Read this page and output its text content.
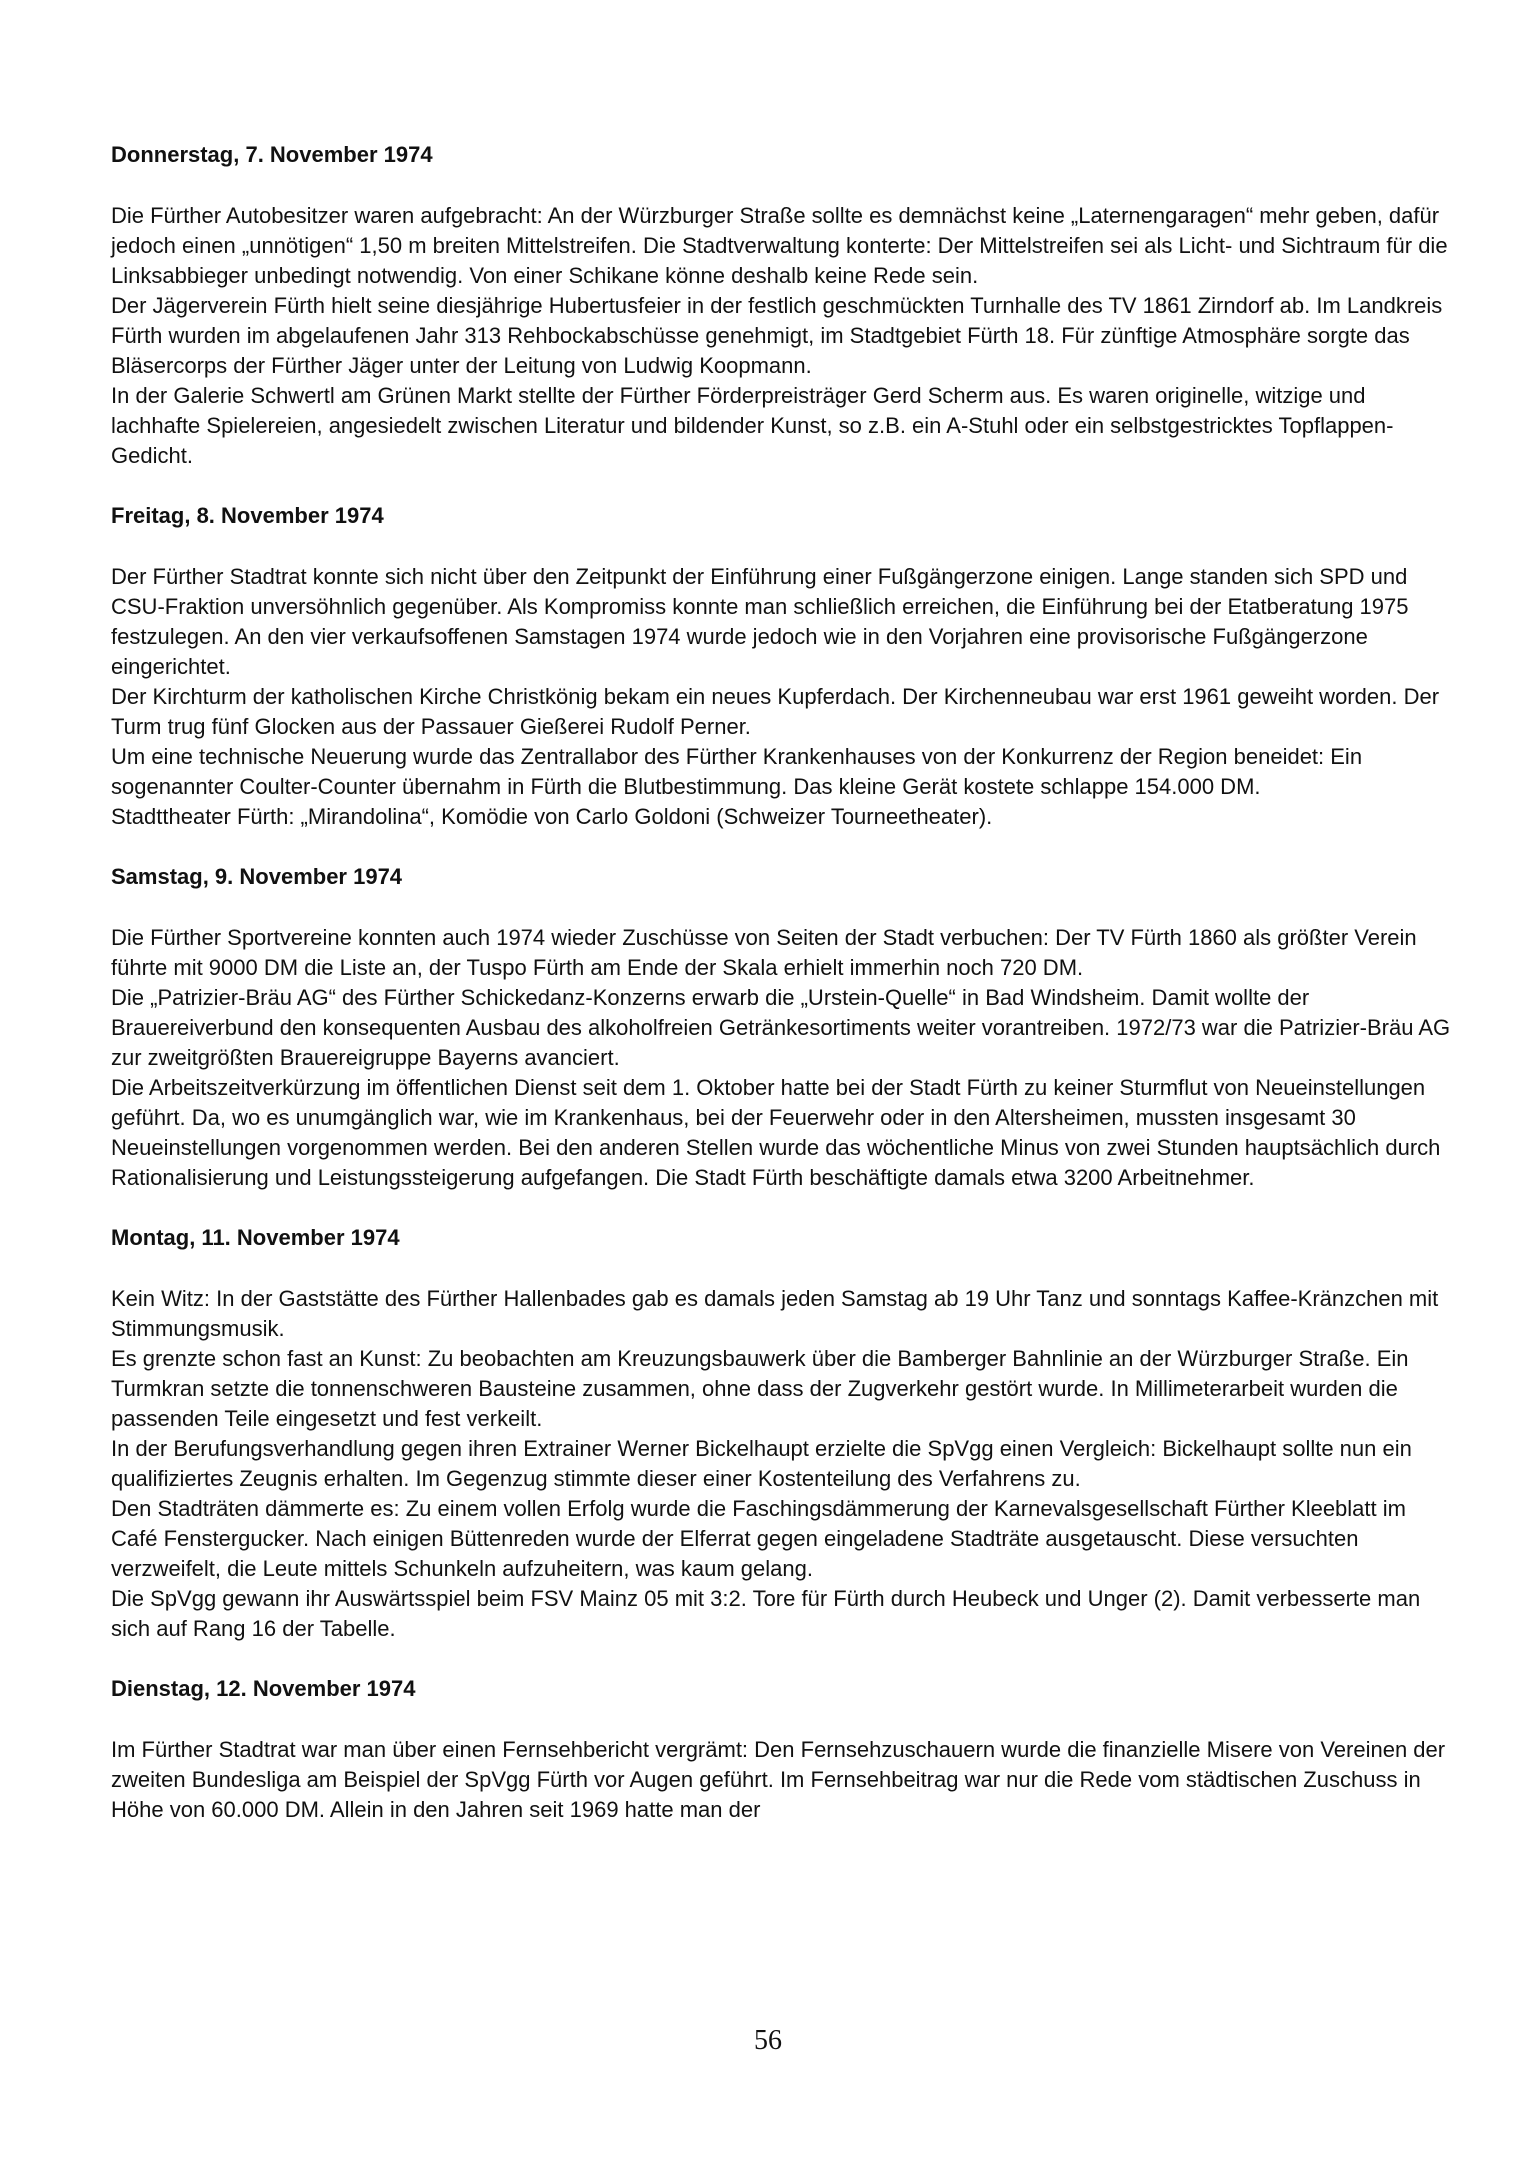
Donnerstag, 7. November 1974

Die Fürther Autobesitzer waren aufgebracht: An der Würzburger Straße sollte es demnächst keine „Laternengaragen“ mehr geben, dafür jedoch einen „unnötigen“ 1,50 m breiten Mittelstreifen. Die Stadtverwaltung konterte: Der Mittelstreifen sei als Licht- und Sichtraum für die Linksabbieger unbedingt notwendig. Von einer Schikane könne deshalb keine Rede sein.

Der Jägerverein Fürth hielt seine diesjährige Hubertusfeier in der festlich geschmückten Turnhalle des TV 1861 Zirndorf ab. Im Landkreis Fürth wurden im abgelaufenen Jahr 313 Rehbockabschüsse genehmigt, im Stadtgebiet Fürth 18. Für zünftige Atmosphäre sorgte das Bläsercorps der Fürther Jäger unter der Leitung von Ludwig Koopmann.

In der Galerie Schwertl am Grünen Markt stellte der Fürther Förderpreisträger Gerd Scherm aus. Es waren originelle, witzige und lachhafte Spielereien, angesiedelt zwischen Literatur und bildender Kunst, so z.B. ein A-Stuhl oder ein selbstgestricktes Topflappen-Gedicht.

Freitag, 8. November 1974

Der Fürther Stadtrat konnte sich nicht über den Zeitpunkt der Einführung einer Fußgängerzone einigen. Lange standen sich SPD und CSU-Fraktion unversöhnlich gegenüber. Als Kompromiss konnte man schließlich erreichen, die Einführung bei der Etatberatung 1975 festzulegen. An den vier verkaufsoffenen Samstagen 1974 wurde jedoch wie in den Vorjahren eine provisorische Fußgängerzone eingerichtet.

Der Kirchturm der katholischen Kirche Christkönig bekam ein neues Kupferdach. Der Kirchenneubau war erst 1961 geweiht worden. Der Turm trug fünf Glocken aus der Passauer Gießerei Rudolf Perner.

Um eine technische Neuerung wurde das Zentrallabor des Fürther Krankenhauses von der Konkurrenz der Region beneidet: Ein sogenannter Coulter-Counter übernahm in Fürth die Blutbestimmung. Das kleine Gerät kostete schlappe 154.000 DM.

Stadttheater Fürth: „Mirandolina“, Komödie von Carlo Goldoni (Schweizer Tourneetheater).

Samstag, 9. November 1974

Die Fürther Sportvereine konnten auch 1974 wieder Zuschüsse von Seiten der Stadt verbuchen: Der TV Fürth 1860 als größter Verein führte mit 9000 DM die Liste an, der Tuspo Fürth am Ende der Skala erhielt immerhin noch 720 DM.

Die „Patrizier-Bräu AG“ des Fürther Schickedanz-Konzerns erwarb die „Urstein-Quelle“ in Bad Windsheim. Damit wollte der Brauereiverbund den konsequenten Ausbau des alkoholfreien Getränkesortiments weiter vorantreiben. 1972/73 war die Patrizier-Bräu AG zur zweitgrößten Brauereigruppe Bayerns avanciert.

Die Arbeitszeitverkürzung im öffentlichen Dienst seit dem 1. Oktober hatte bei der Stadt Fürth zu keiner Sturmflut von Neueinstellungen geführt. Da, wo es unumgänglich war, wie im Krankenhaus, bei der Feuerwehr oder in den Altersheimen, mussten insgesamt 30 Neueinstellungen vorgenommen werden. Bei den anderen Stellen wurde das wöchentliche Minus von zwei Stunden hauptsächlich durch Rationalisierung und Leistungssteigerung aufgefangen. Die Stadt Fürth beschäftigte damals etwa 3200 Arbeitnehmer.

Montag, 11. November 1974

Kein Witz: In der Gaststätte des Fürther Hallenbades gab es damals jeden Samstag ab 19 Uhr Tanz und sonntags Kaffee-Kränzchen mit Stimmungsmusik.

Es grenzte schon fast an Kunst: Zu beobachten am Kreuzungsbauwerk über die Bamberger Bahnlinie an der Würzburger Straße. Ein Turmkran setzte die tonnenschweren Bausteine zusammen, ohne dass der Zugverkehr gestört wurde. In Millimeterarbeit wurden die passenden Teile eingesetzt und fest verkeilt.

In der Berufungsverhandlung gegen ihren Extrainer Werner Bickelhaupt erzielte die SpVgg einen Vergleich: Bickelhaupt sollte nun ein qualifiziertes Zeugnis erhalten. Im Gegenzug stimmte dieser einer Kostenteilung des Verfahrens zu.

Den Stadträten dämmerte es: Zu einem vollen Erfolg wurde die Faschingsdämmerung der Karnevalsgesellschaft Fürther Kleeblatt im Café Fenstergucker. Nach einigen Büttenreden wurde der Elferrat gegen eingeladene Stadträte ausgetauscht. Diese versuchten verzweifelt, die Leute mittels Schunkeln aufzuheitern, was kaum gelang.

Die SpVgg gewann ihr Auswärtsspiel beim FSV Mainz 05 mit 3:2. Tore für Fürth durch Heubeck und Unger (2). Damit verbesserte man sich auf Rang 16 der Tabelle.

Dienstag, 12. November 1974

Im Fürther Stadtrat war man über einen Fernsehbericht vergrämt: Den Fernsehzuschauern wurde die finanzielle Misere von Vereinen der zweiten Bundesliga am Beispiel der SpVgg Fürth vor Augen geführt. Im Fernsehbeitrag war nur die Rede vom städtischen Zuschuss in Höhe von 60.000 DM. Allein in den Jahren seit 1969 hatte man der

56
